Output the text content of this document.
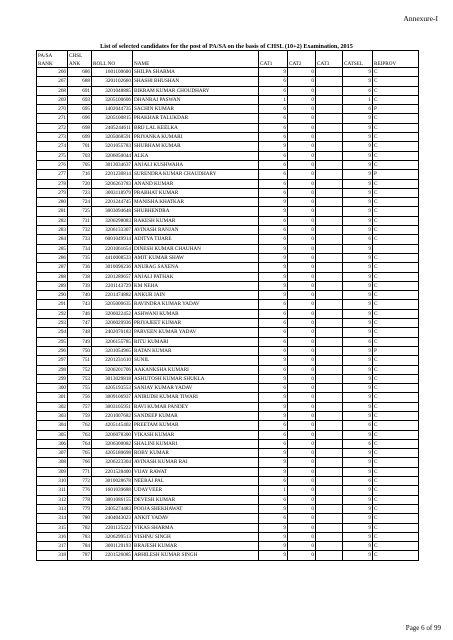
Annexure-I
List of selected candidates for the post of PA/SA on the basis of CHSL (10+2) Examination, 2015
PA/SA	CHSL							
RANK	ANK	ROLL NO	NAME	CAT1	CAT2	CAT3	CATSEL	REIPROV
266	686	1601100600	SHILPA SHARMA	9	0		9	C
267	688	3201102660	SHASHI BHUSHAN	6	0		9	C
268	691	3201048885	BIKRAM KUMAR CHOUDHARY	6	0		6	C
269	693	3205100606	DHANRAJ PASWAN	1	0		1	C
270	695	1402044735	SACHIN KUMAR	6	0		6	P
271	696	3205100815	PRAKHAR TALUKDAR	6	0		9	C
272	698	2405244611	BRIJ LAL KEELKA	6	0		9	C
273	699	3205068591	PRIYANKA KUMARI	6	0		9	C
274	701	3201055783	SHUBHAM KUMAR	9	0		9	C
275	703	3206050044	ALKA	6	0		9	C
276	705	3013034637	ANJALI KUSHWAHA	6	0		9	C
277	716	2201230814	SURENDRA KUMAR CHAUDHARY	6	0		9	P
278	720	3206263783	ANAND KUMAR	6	0		9	C
279	723	3003118979	PRABHAT KUMAR	6	0		9	C
280	724	2201244745	MANISHA KHATKAR	9	0		9	C
281	725	3003094648	SHUBHENDRA	9	0		9	C
282	731	3206298083	RAKESH KUMAR	6	0		9	C
283	732	3206133307	AVINASH RANJAN	6	0		9	C
284	733	6001049914	ADITYA TIJARE	6	0		6	C
285	734	2201061654	DINESH KUMAR CHAUHAN	9	0		9	
286	735	4410008533	AMIT KUMAR SHAW	9	0		9	C
287	736	3010096236	ANURAG SAXENA	9	0		9	C
288	738	2201289657	ANJALI PATHAK	9	0		9	C
289	739	2201143729	KM NEHA	9	0		9	C
290	740	2201474882	ANKUR JAIN	9	0		9	C
291	743	3205000635	RAVINDRA KUMAR YADAV	6	0		9	C
292	746	3206022452	ASHWANI KUMAR	6	0		9	C
293	747	3206029936	PRIYAJEET KUMAR	6	0		9	C
294	748	2402070183	PARVEEN KUMAR YADAV	6	0		9	C
295	749	3206155785	RITU KUMARI	6	0		6	C
296	750	3201054965	RATAN KUMAR	6	0		9	P
297	751	2201231610	SUNIL	9	0		9	C
298	752	3206201706	AAKANKSHA KUMARI	6	0		9	C
299	753	3013029818	ASHUTOSH KUMAR SHUKLA	9	0		9	C
300	755	4205193553	SANJAY KUMAR YADAV	6	0		9	C
301	756	3009106937	ANIRUDH KUMAR TIWARI	9	0		9	C
302	757	3003105951	RAVI KUMAR PANDEY	9	0		9	C
303	759	2201007682	SANDEEP KUMAR	9	0		9	C
304	762	4205145402	PREETAM KUMAR	6	0		6	C
305	763	3206078300	VIKASH KUMAR	6	0		9	C
306	764	3206300082	SHALINI KUMARI	6	0		6	C
307	765	4205180698	ROBY KUMAR	9	0		9	C
308	766	3206223304	AVINASH KUMAR RAI	9	0		9	C
309	771	2201528400	VIJAY RAWAT	9	0		9	C
310	772	3010028678	NEERAJ PAL	6	0		6	C
311	776	1601039688	UDAYVEER	1	0		9	C
312	778	3001086155	DEVESH KUMAR	6	0		9	C
313	779	2405274483	POOJA SHEKHAWAT	9	0		9	C
314	780	2404043023	ANKIT YADAV	6	0		9	C
315	782	2201125222	VIKAS SHARMA	9	0		9	C
316	783	3206299513	VISHNU SINGH	9	0		9	C
317	784	3001129193	BRAJESH KUMAR	9	0		9	C
318	787	2201526085	ABHILESH KUMAR SINGH	9	0		9	C
Page 6 of 99
